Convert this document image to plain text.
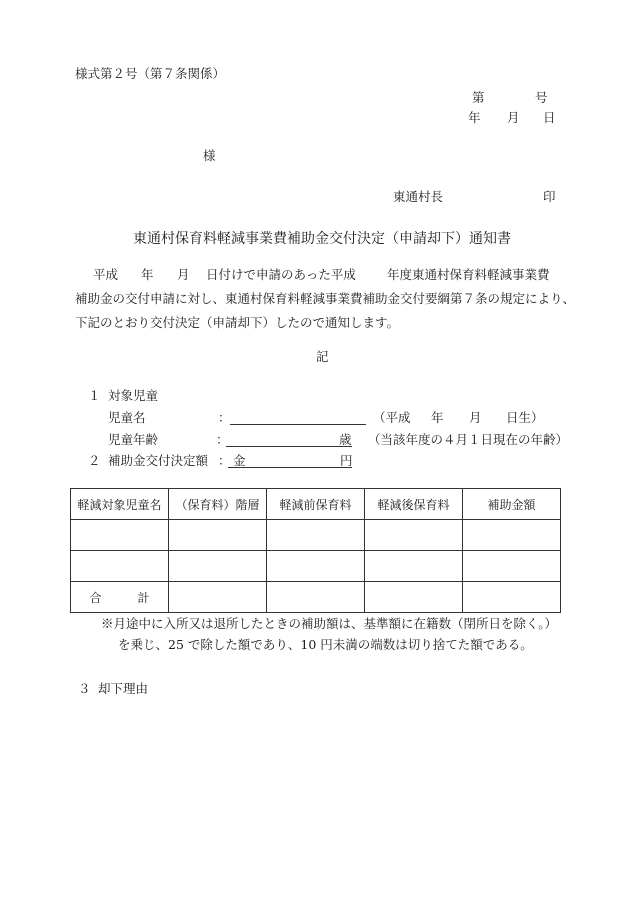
様式第２号（第７条関係）
第	号
年 月 日
様
東通村長	印
東通村保育料軽減事業費補助金交付決定（申請却下）通知書
平成 年 月 日付けで申請のあった平成 年度東通村保育料軽減事業費
補助金の交付申請に対し、東通村保育料軽減事業費補助金交付要綱第７条の規定により、
下記のとおり交付決定（申請却下）したので通知します。
記
１ 対象児童
児童名	：	（平成 年 月 日生）
児童年齢	：	歳 （当該年度の４月１日現在の年齢）
２ 補助金交付決定額 ： 金	円
軽減対象児童名	（保育料）階層	軽減前保育料	軽減後保育料	補助金額

合　　　計				
※月途中に入所又は退所したときの補助額は、基準額に在籍数（閉所日を除く。）
を乗じ、25 で除した額であり、10 円未満の端数は切り捨てた額である。
３ 却下理由
